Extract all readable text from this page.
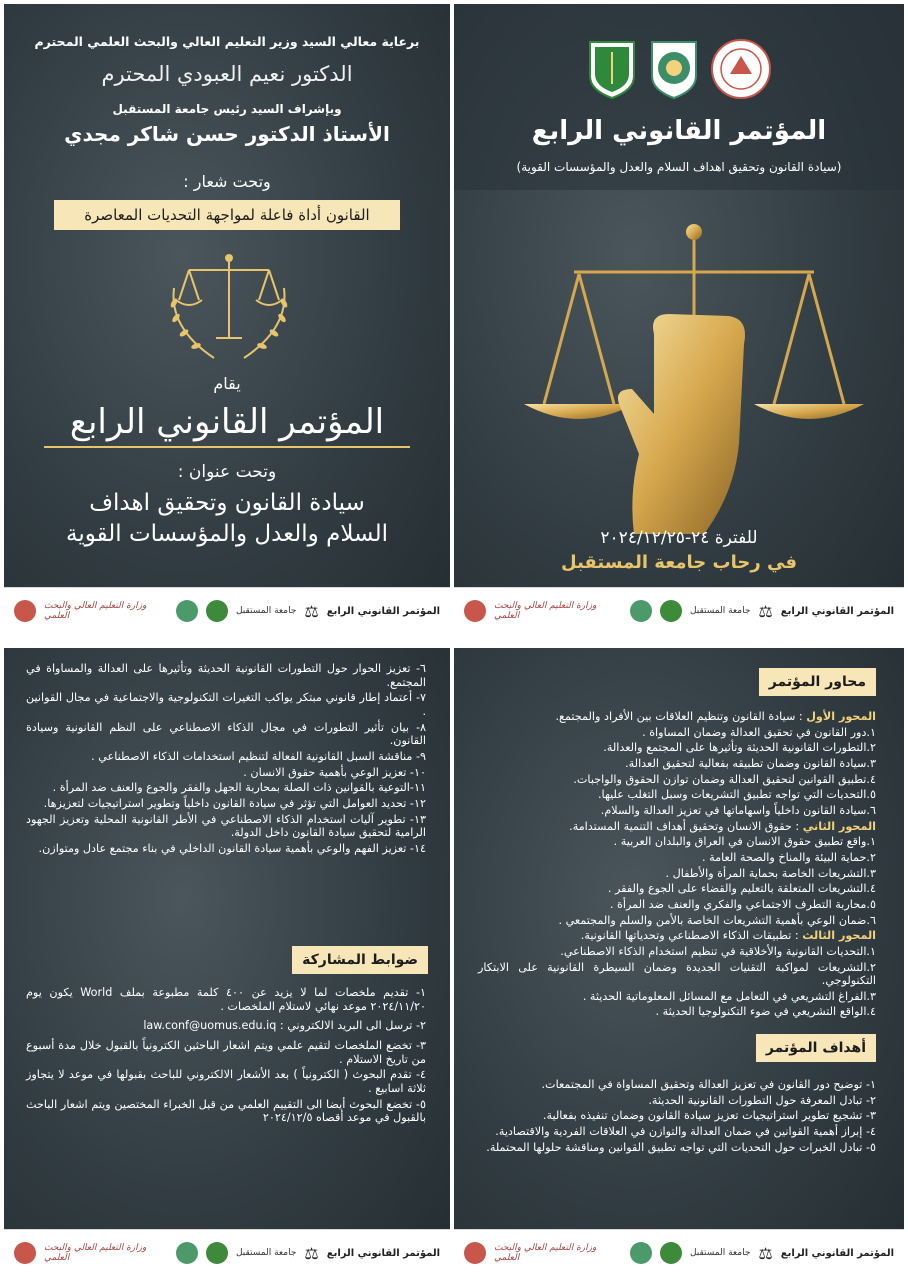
برعاية معالي السيد وزير التعليم العالي والبحث العلمي المحترم
الدكتور نعيم العبودي المحترم
وبإشراف السيد رئيس جامعة المستقبل
الأستاذ الدكتور حسن شاكر مجدي
وتحت شعار :
القانون أداة فاعلة لمواجهة التحديات المعاصرة
يقام
المؤتمر القانوني الرابع
وتحت عنوان :
سيادة القانون وتحقيق اهداف
السلام والعدل والمؤسسات القوية
المؤتمر القانوني الرابع
⚖
جامعة المستقبل
وزارة التعليم العالي والبحث العلمي
المؤتمر القانوني الرابع
(سيادة القانون وتحقيق اهداف السلام والعدل والمؤسسات القوية)
للفترة ٢٤-٢٠٢٤/١٢/٢٥
في رحاب جامعة المستقبل
المؤتمر القانوني الرابع
⚖
جامعة المستقبل
وزارة التعليم العالي والبحث العلمي
محاور المؤتمر

المحور الأول : سيادة القانون وتنظيم العلاقات بين الأفراد والمجتمع.

١.دور القانون في تحقيق العدالة وضمان المساواة .

٢.التطورات القانونية الحديثة وتأثيرها على المجتمع والعدالة.

٣.سيادة القانون وضمان تطبيقه بفعالية لتحقيق العدالة.

٤.تطبيق القوانين لتحقيق العدالة وضمان توازن الحقوق والواجبات.

٥.التحديات التي تواجه تطبيق التشريعات وسبل التغلب عليها.

٦.سيادة القانون داخلياً واسهاماتها في تعزيز العدالة والسلام.

المحور الثاني : حقوق الانسان وتحقيق أهداف التنمية المستدامة.

١.واقع تطبيق حقوق الانسان في العراق والبلدان العربية .

٢.حماية البيئة والمناخ والصحة العامة .

٣.التشريعات الخاصة بحماية المرأة والأطفال .

٤.التشريعات المتعلقة بالتعليم والقضاء على الجوع والفقر .

٥.محاربة التطرف الاجتماعي والفكري والعنف ضد المرأة .

٦.ضمان الوعي بأهمية التشريعات الخاصة بالأمن والسلم والمجتمعي .

المحور الثالث : تطبيقات الذكاء الاصطناعي وتحدياتها القانونية.

١.التحديات القانونية والأخلاقية في تنظيم استخدام الذكاء الاصطناعي.

٢.التشريعات لمواكبة التقنيات الجديدة وضمان السيطرة القانونية على الابتكار التكنولوجي.

٣.الفراغ التشريعي في التعامل مع المسائل المعلوماتية الحديثة .

٤.الواقع التشريعي في ضوء التكنولوجيا الحديثة .

أهداف المؤتمر

١- توضيح دور القانون في تعزيز العدالة وتحقيق المساواة في المجتمعات.

٢- تبادل المعرفة حول التطورات القانونية الحديثة.

٣- تشجيع تطوير استراتيجيات تعزيز سيادة القانون وضمان تنفيذه بفعالية.

٤- إبراز أهمية القوانين في ضمان العدالة والتوازن في العلاقات الفردية والاقتصادية.

٥- تبادل الخبرات حول التحديات التي تواجه تطبيق القوانين ومناقشة حلولها المحتملة.

المؤتمر القانوني الرابع
⚖
جامعة المستقبل
وزارة التعليم العالي والبحث العلمي

٦- تعزيز الحوار حول التطورات القانونية الحديثة وتأثيرها على العدالة والمساواة في المجتمع.

٧- أعتماد إطار قانوني مبتكر يواكب التغيرات التكنولوجية والاجتماعية في مجال القوانين .

٨- بيان تأثير التطورات في مجال الذكاء الاصطناعي على النظم القانونية وسيادة القانون.

٩- مناقشة السبل القانونية الفعالة لتنظيم استخدامات الذكاء الاصطناعي .

١٠- تعزيز الوعي بأهمية حقوق الانسان .

١١-التوعية بالقوانين ذات الصلة بمحاربة الجهل والفقر والجوع والعنف ضد المرأة .

١٢- تحديد العوامل التي تؤثر في سيادة القانون داخلياً وتطوير استراتيجيات لتعزيزها.

١٣- تطوير آليات استخدام الذكاء الاصطناعي في الأطر القانونية المحلية وتعزيز الجهود الرامية لتحقيق سيادة القانون داخل الدولة.

١٤- تعزيز الفهم والوعي بأهمية سيادة القانون الداخلي في بناء مجتمع عادل ومتوازن.

ضوابط المشاركة

١- تقديم ملخصات لما لا يزيد عن ٤٠٠ كلمة مطبوعة بملف World يكون يوم ٢٠٢٤/١١/٢٠ موعد نهائي لاستلام الملخصات .

٢- ترسل الى البريد الالكتروني : law.conf@uomus.edu.iq

٣- تخضع الملخصات لتقيم علمي ويتم اشعار الباحثين الكترونياً بالقبول خلال مدة أسبوع من تاريخ الاستلام .

٤- تقدم البحوث ( الكترونياً ) بعد الأشعار الالكتروني للباحث بقبولها في موعد لا يتجاوز ثلاثة اسابيع .

٥- تخضع البحوث أيضا الى التقييم العلمي من قبل الخبراء المختصين ويتم اشعار الباحث بالقبول في موعد أقصاه ٢٠٢٤/١٢/٥

المؤتمر القانوني الرابع
⚖
جامعة المستقبل
وزارة التعليم العالي والبحث العلمي
